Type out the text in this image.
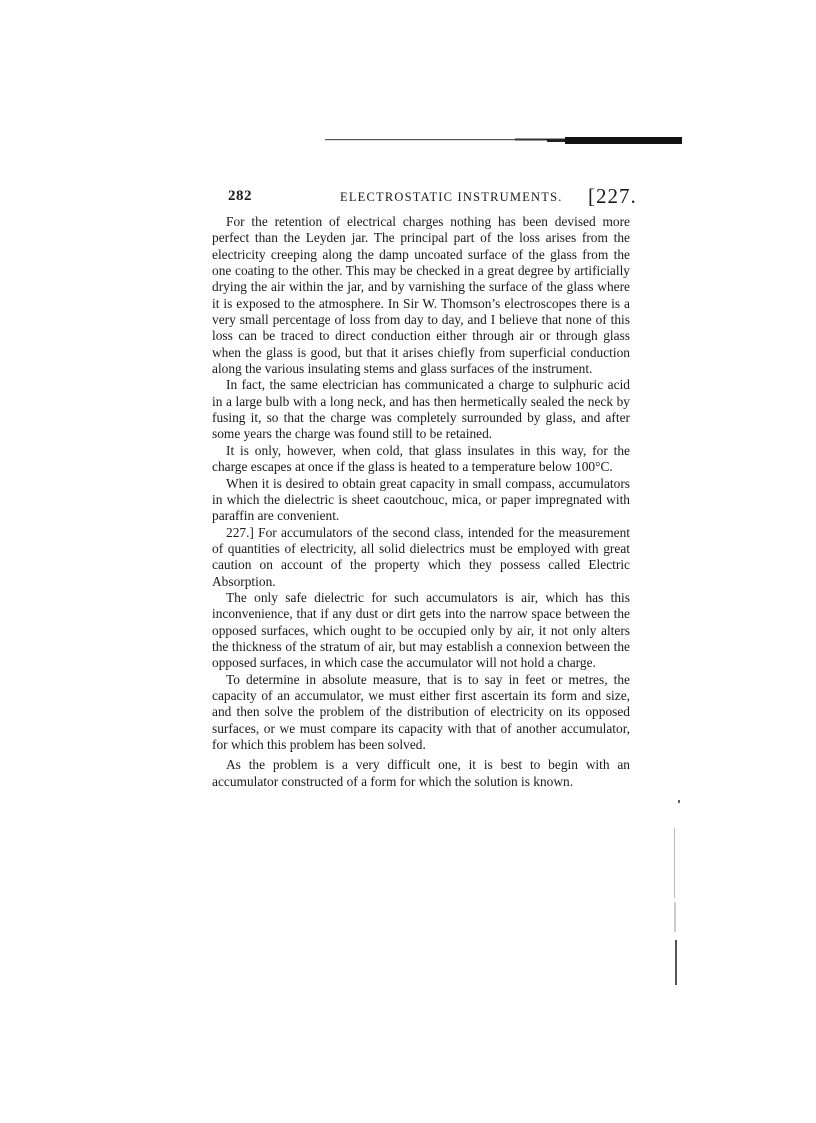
282	ELECTROSTATIC INSTRUMENTS. [227.

For the retention of electrical charges nothing has been devised more perfect than the Leyden jar. The principal part of the loss arises from the electricity creeping along the damp uncoated surface of the glass from the one coating to the other. This may be checked in a great degree by artificially drying the air within the jar, and by varnishing the surface of the glass where it is exposed to the atmosphere. In Sir W. Thomson’s electroscopes there is a very small percentage of loss from day to day, and I believe that none of this loss can be traced to direct conduction either through air or through glass when the glass is good, but that it arises chiefly from superficial conduction along the various insulating stems and glass surfaces of the instrument.

In fact, the same electrician has communicated a charge to sulphuric acid in a large bulb with a long neck, and has then hermetically sealed the neck by fusing it, so that the charge was completely surrounded by glass, and after some years the charge was found still to be retained.

It is only, however, when cold, that glass insulates in this way, for the charge escapes at once if the glass is heated to a temperature below 100°C.

When it is desired to obtain great capacity in small compass, accumulators in which the dielectric is sheet caoutchouc, mica, or paper impregnated with paraffin are convenient.

227.] For accumulators of the second class, intended for the measurement of quantities of electricity, all solid dielectrics must be employed with great caution on account of the property which they possess called Electric Absorption.

The only safe dielectric for such accumulators is air, which has this inconvenience, that if any dust or dirt gets into the narrow space between the opposed surfaces, which ought to be occupied only by air, it not only alters the thickness of the stratum of air, but may establish a connexion between the opposed surfaces, in which case the accumulator will not hold a charge.

To determine in absolute measure, that is to say in feet or metres, the capacity of an accumulator, we must either first ascertain its form and size, and then solve the problem of the distribution of electricity on its opposed surfaces, or we must compare its capacity with that of another accumulator, for which this problem has been solved.

As the problem is a very difficult one, it is best to begin with an accumulator constructed of a form for which the solution is known.
